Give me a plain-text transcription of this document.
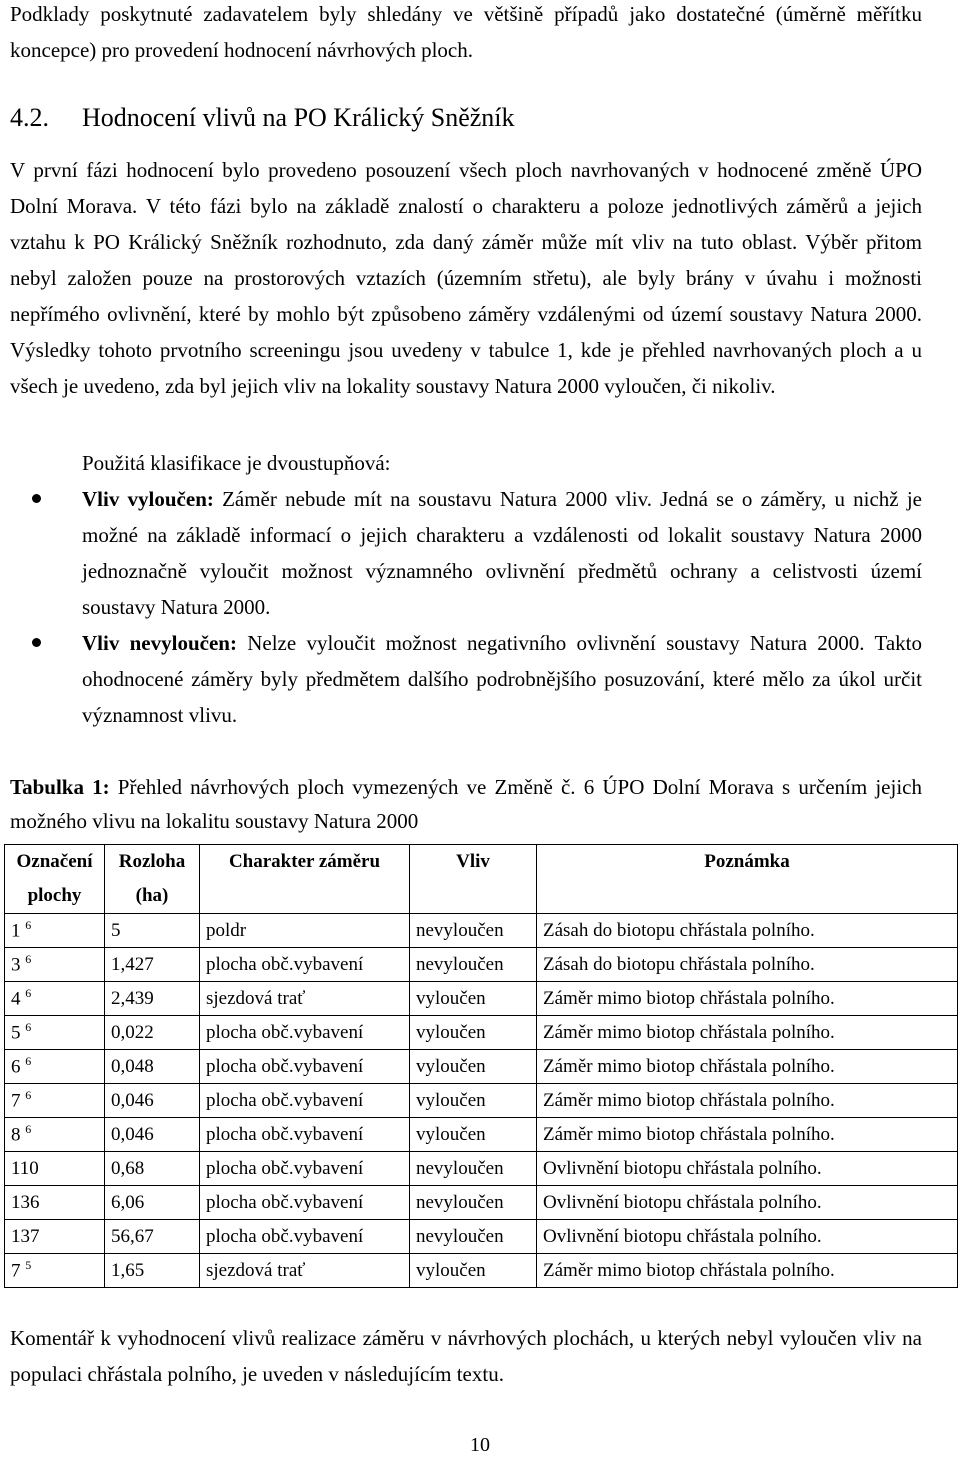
Podklady poskytnuté zadavatelem byly shledány ve většině případů jako dostatečné (úměrně měřítku koncepce) pro provedení hodnocení návrhových ploch.

4.2. Hodnocení vlivů na PO Králický Sněžník

V první fázi hodnocení bylo provedeno posouzení všech ploch navrhovaných v hodnocené změně ÚPO Dolní Morava. V této fázi bylo na základě znalostí o charakteru a poloze jednotlivých záměrů a jejich vztahu k PO Králický Sněžník rozhodnuto, zda daný záměr může mít vliv na tuto oblast. Výběr přitom nebyl založen pouze na prostorových vztazích (územním střetu), ale byly brány v úvahu i možnosti nepřímého ovlivnění, které by mohlo být způsobeno záměry vzdálenými od území soustavy Natura 2000. Výsledky tohoto prvotního screeningu jsou uvedeny v tabulce 1, kde je přehled navrhovaných ploch a u všech je uvedeno, zda byl jejich vliv na lokality soustavy Natura 2000 vyloučen, či nikoliv.

Použitá klasifikace je dvoustupňová:

Vliv vyloučen: Záměr nebude mít na soustavu Natura 2000 vliv. Jedná se o záměry, u nichž je možné na základě informací o jejich charakteru a vzdálenosti od lokalit soustavy Natura 2000 jednoznačně vyloučit možnost významného ovlivnění předmětů ochrany a celistvosti území soustavy Natura 2000.

Vliv nevyloučen: Nelze vyloučit možnost negativního ovlivnění soustavy Natura 2000. Takto ohodnocené záměry byly předmětem dalšího podrobnějšího posuzování, které mělo za úkol určit významnost vlivu.

Tabulka 1: Přehled návrhových ploch vymezených ve Změně č. 6 ÚPO Dolní Morava s určením jejich možného vlivu na lokalitu soustavy Natura 2000

Označení plochy	Rozloha (ha)	Charakter záměru	Vliv	Poznámka
1 $^6$	5	poldr	nevyloučen	Zásah do biotopu chřástala polního.
3 $^6$	1,427	plocha obč.vybavení	nevyloučen	Zásah do biotopu chřástala polního.
4 $^6$	2,439	sjezdová trať	vyloučen	Záměr mimo biotop chřástala polního.
5 $^6$	0,022	plocha obč.vybavení	vyloučen	Záměr mimo biotop chřástala polního.
6 $^6$	0,048	plocha obč.vybavení	vyloučen	Záměr mimo biotop chřástala polního.
7 $^6$	0,046	plocha obč.vybavení	vyloučen	Záměr mimo biotop chřástala polního.
8 $^6$	0,046	plocha obč.vybavení	vyloučen	Záměr mimo biotop chřástala polního.
110	0,68	plocha obč.vybavení	nevyloučen	Ovlivnění biotopu chřástala polního.
136	6,06	plocha obč.vybavení	nevyloučen	Ovlivnění biotopu chřástala polního.
137	56,67	plocha obč.vybavení	nevyloučen	Ovlivnění biotopu chřástala polního.
7 $^5$	1,65	sjezdová trať	vyloučen	Záměr mimo biotop chřástala polního.

Komentář k vyhodnocení vlivů realizace záměru v návrhových plochách, u kterých nebyl vyloučen vliv na populaci chřástala polního, je uveden v následujícím textu.

10
